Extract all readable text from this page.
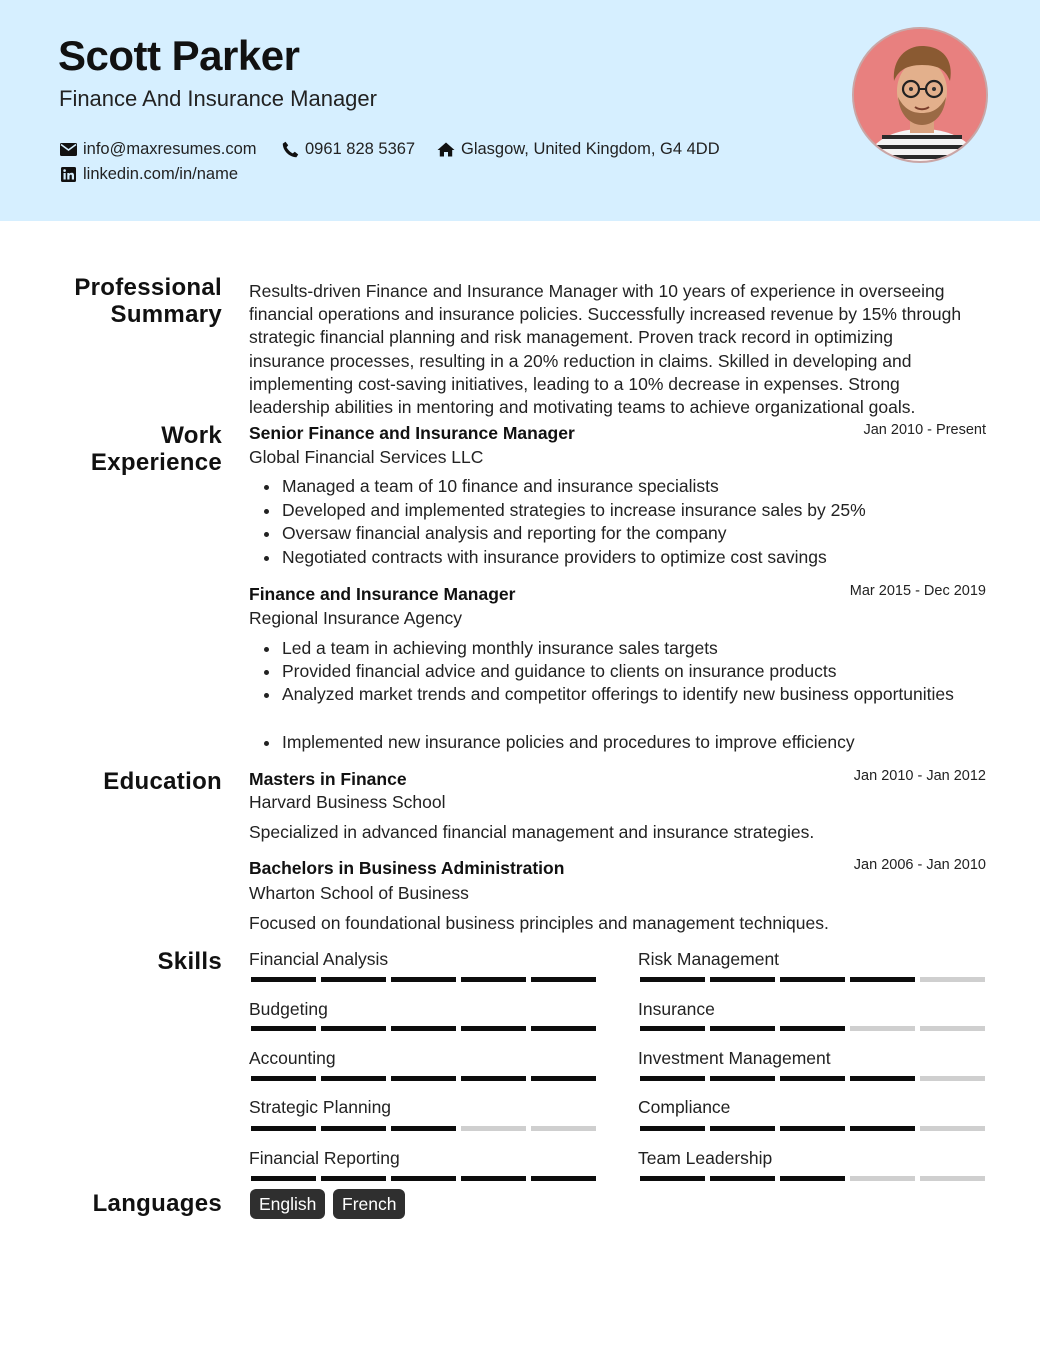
Scott Parker
Finance And Insurance Manager
info@maxresumes.com	0961 828 5367	Glasgow, United Kingdom, G4 4DD
linkedin.com/in/name
Professional
Summary
Work
Experience
Education
Skills
Languages
Results-driven Finance and Insurance Manager with 10 years of experience in overseeing
financial operations and insurance policies. Successfully increased revenue by 15% through
strategic financial planning and risk management. Proven track record in optimizing
insurance processes, resulting in a 20% reduction in claims. Skilled in developing and
implementing cost-saving initiatives, leading to a 10% decrease in expenses. Strong
leadership abilities in mentoring and motivating teams to achieve organizational goals.
Senior Finance and Insurance Manager	Jan 2010 - Present
Global Financial Services LLC
Managed a team of 10 finance and insurance specialists
Developed and implemented strategies to increase insurance sales by 25%
Oversaw financial analysis and reporting for the company
Negotiated contracts with insurance providers to optimize cost savings
Finance and Insurance Manager	Mar 2015 - Dec 2019
Regional Insurance Agency
Led a team in achieving monthly insurance sales targets
Provided financial advice and guidance to clients on insurance products
Analyzed market trends and competitor offerings to identify new business opportunities
Implemented new insurance policies and procedures to improve efficiency
Masters in Finance	Jan 2010 - Jan 2012
Harvard Business School
Specialized in advanced financial management and insurance strategies.
Bachelors in Business Administration	Jan 2006 - Jan 2010
Wharton School of Business
Focused on foundational business principles and management techniques.
Financial Analysis	Risk Management
Budgeting	Insurance
Accounting	Investment Management
Strategic Planning	Compliance
Financial Reporting	Team Leadership
English	French
